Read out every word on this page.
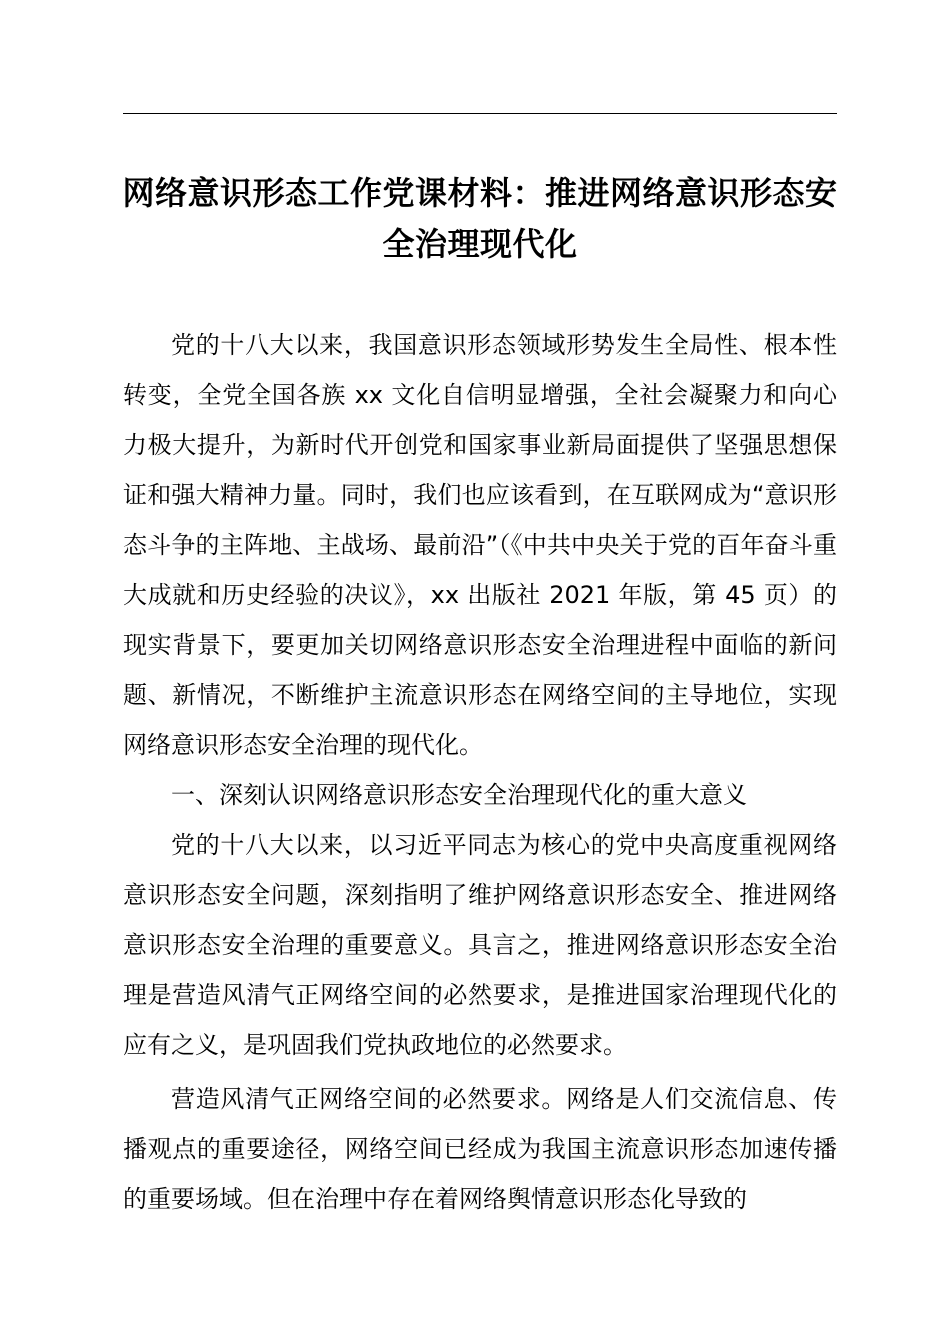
网络意识形态工作党课材料：推进网络意识形态安全治理现代化

党的十八大以来，我国意识形态领域形势发生全局性、根本性转变，全党全国各族 xx 文化自信明显增强，全社会凝聚力和向心力极大提升，为新时代开创党和国家事业新局面提供了坚强思想保证和强大精神力量。同时，我们也应该看到，在互联网成为“意识形态斗争的主阵地、主战场、最前沿”（《中共中央关于党的百年奋斗重大成就和历史经验的决议》，xx 出版社 2021 年版，第 45 页）的现实背景下，要更加关切网络意识形态安全治理进程中面临的新问题、新情况，不断维护主流意识形态在网络空间的主导地位，实现网络意识形态安全治理的现代化。

一、深刻认识网络意识形态安全治理现代化的重大意义

党的十八大以来，以习近平同志为核心的党中央高度重视网络意识形态安全问题，深刻指明了维护网络意识形态安全、推进网络意识形态安全治理的重要意义。具言之，推进网络意识形态安全治理是营造风清气正网络空间的必然要求，是推进国家治理现代化的应有之义，是巩固我们党执政地位的必然要求。

营造风清气正网络空间的必然要求。网络是人们交流信息、传播观点的重要途径，网络空间已经成为我国主流意识形态加速传播的重要场域。但在治理中存在着网络舆情意识形态化导致的
